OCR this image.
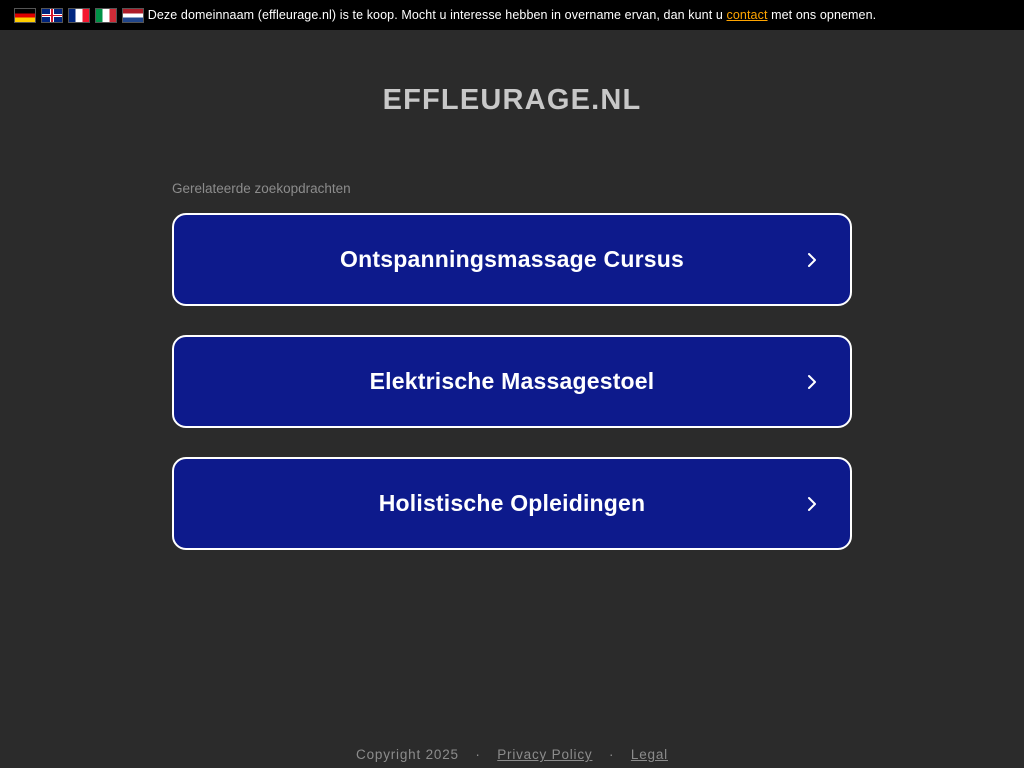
Deze domeinnaam (effleurage.nl) is te koop. Mocht u interesse hebben in overname ervan, dan kunt u contact met ons opnemen.
EFFLEURAGE.NL
Gerelateerde zoekopdrachten
Ontspanningsmassage Cursus
Elektrische Massagestoel
Holistische Opleidingen
Copyright 2025 · Privacy Policy · Legal
